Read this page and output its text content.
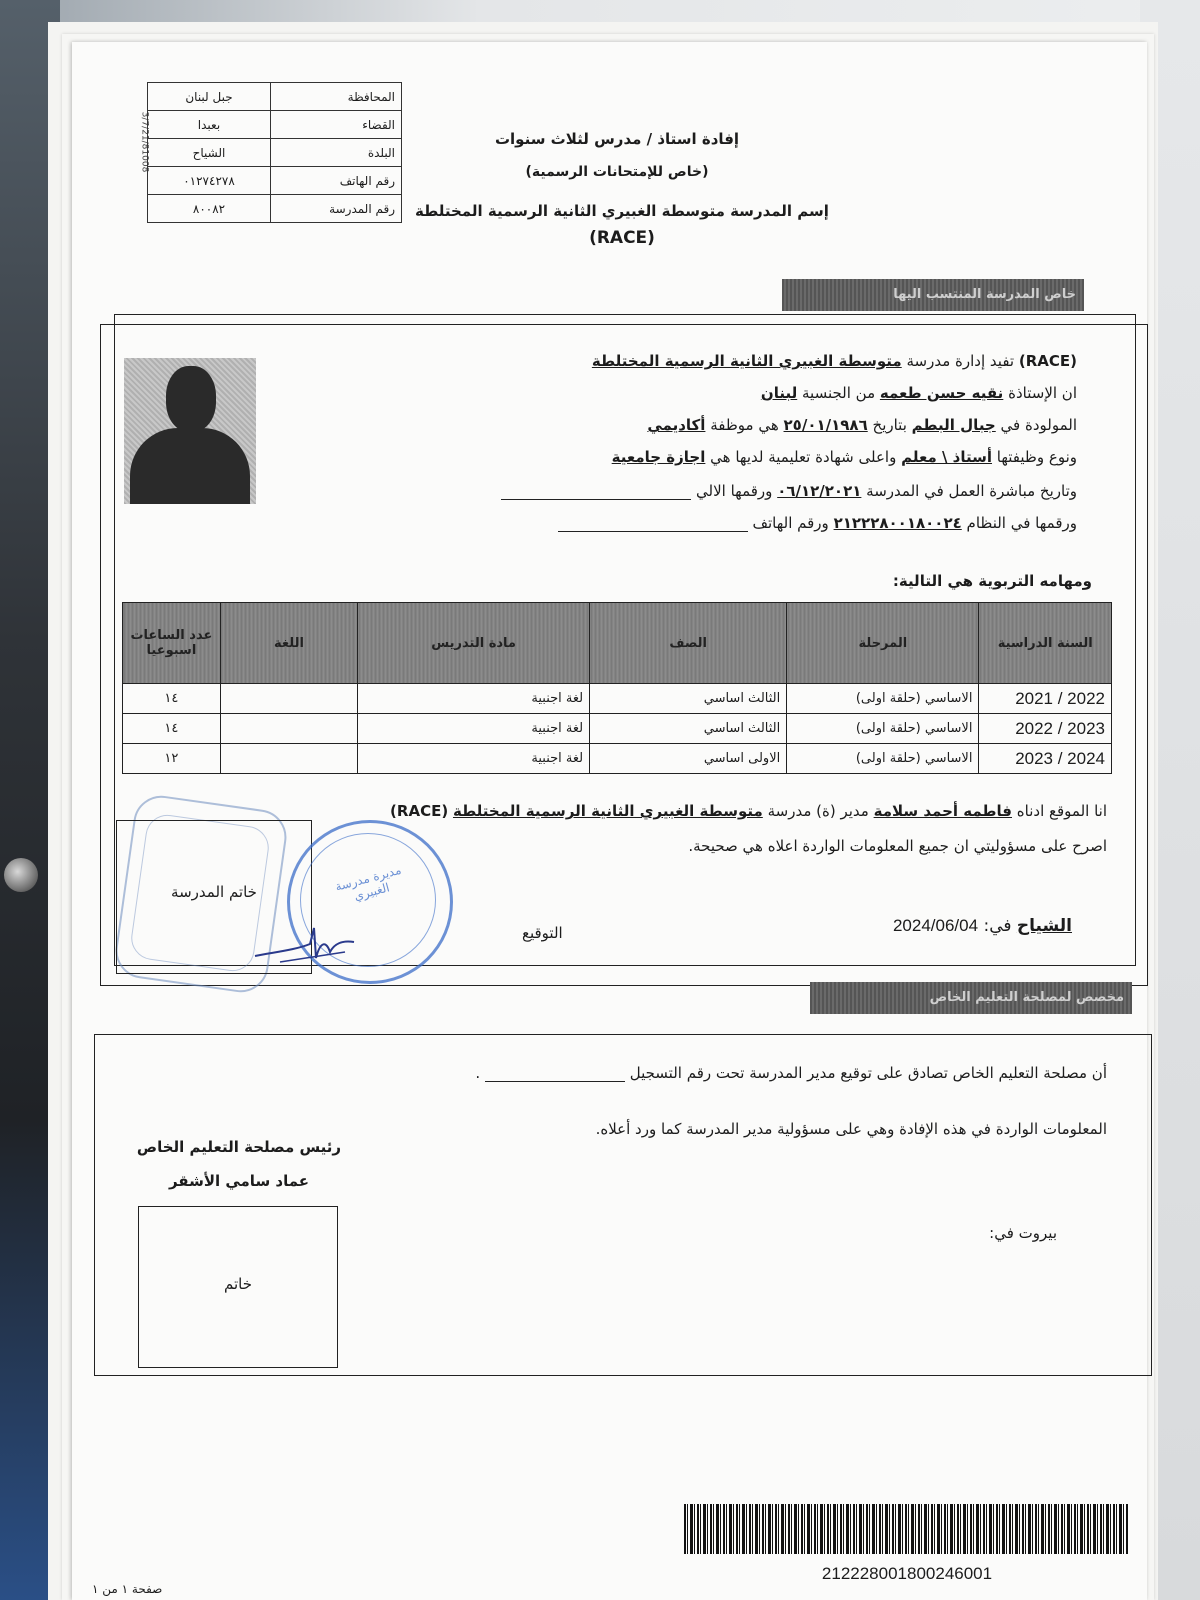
3/7/21/81008
جبل لبنان	المحافظة
بعبدا	القضاء
الشياح	البلدة
٠١٢٧٤٢٧٨	رقم الهاتف
٨٠٠٨٢	رقم المدرسة
إفادة استاذ / مدرس لثلاث سنوات
(خاص للإمتحانات الرسمية)
إسم المدرسة متوسطة الغبيري الثانية الرسمية المختلطة
(RACE)
خاص المدرسة المنتسب اليها
(RACE) تفيد إدارة مدرسة متوسطة الغبيري الثانية الرسمية المختلطة
ان الإستاذة نقيه حسن طعمه من الجنسية لبنان
المولودة في جبال البطم بتاريخ ٢٥/٠١/١٩٨٦ هي موظفة أكاديمي
ونوع وظيفتها أستاذ \ معلم واعلى شهادة تعليمية لديها هي اجازة جامعية
وتاريخ مباشرة العمل في المدرسة ٠٦/١٢/٢٠٢١ ورقمها الالي
ورقمها في النظام ٢١٢٢٢٨٠٠١٨٠٠٢٤ ورقم الهاتف
ومهامه التربوية هي التالية:
السنة الدراسية	المرحلة	الصف	مادة التدريس	اللغة	عدد الساعات اسبوعيا
2021 / 2022	الاساسي (حلقة اولى)	الثالث اساسي	لغة اجنبية		١٤
2022 / 2023	الاساسي (حلقة اولى)	الثالث اساسي	لغة اجنبية		١٤
2023 / 2024	الاساسي (حلقة اولى)	الاولى اساسي	لغة اجنبية		١٢
انا الموقع ادناه فاطمه أحمد سلامة مدير (ة) مدرسة متوسطة الغبيري الثانية الرسمية المختلطة (RACE)
اصرح على مسؤوليتي ان جميع المعلومات الواردة اعلاه هي صحيحة.
الشياح في: 2024/06/04
التوقيع
خاتم المدرسة	مديرة مدرسة الغبيري
مخصص لمصلحة التعليم الخاص
أن مصلحة التعليم الخاص تصادق على توقيع مدير المدرسة تحت رقم التسجيل  .
المعلومات الواردة في هذه الإفادة وهي على مسؤولية مدير المدرسة كما ورد أعلاه.
رئيس مصلحة التعليم الخاص
عماد سامي الأشقر
خاتم
بيروت في:
21222800180024600​1
صفحة ١ من ١
